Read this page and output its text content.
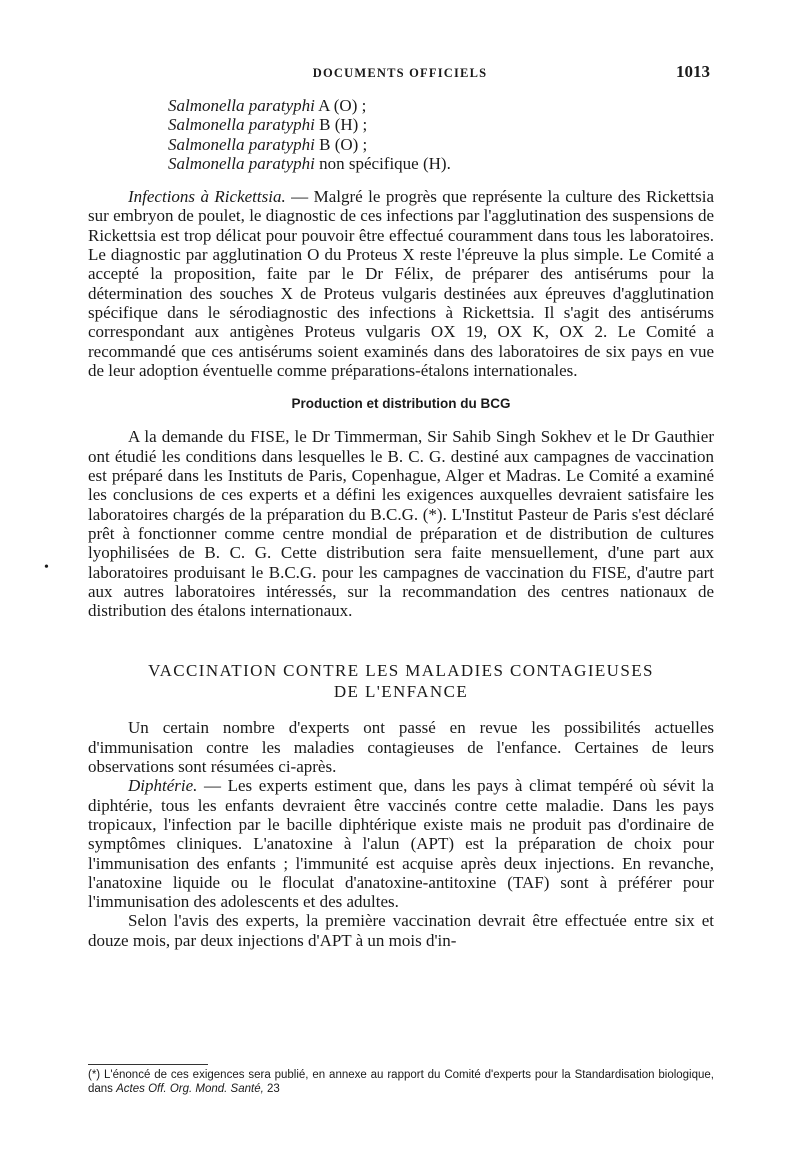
DOCUMENTS OFFICIELS	1013
•
Salmonella paratyphi A (O) ;
Salmonella paratyphi B (H) ;
Salmonella paratyphi B (O) ;
Salmonella paratyphi non spécifique (H).

Infections à Rickettsia. — Malgré le progrès que représente la culture des Rickettsia sur embryon de poulet, le diagnostic de ces infections par l'agglutination des suspensions de Rickettsia est trop délicat pour pouvoir être effectué couramment dans tous les laboratoires. Le diagnostic par agglutination O du Proteus X reste l'épreuve la plus simple. Le Comité a accepté la proposition, faite par le Dr Félix, de préparer des antisérums pour la détermination des souches X de Proteus vulgaris destinées aux épreuves d'agglutination spécifique dans le sérodiagnostic des infections à Rickettsia. Il s'agit des antisérums correspondant aux antigènes Proteus vulgaris OX 19, OX K, OX 2. Le Comité a recommandé que ces antisérums soient examinés dans des laboratoires de six pays en vue de leur adoption éventuelle comme préparations-étalons internationales.

Production et distribution du BCG

A la demande du FISE, le Dr Timmerman, Sir Sahib Singh Sokhev et le Dr Gauthier ont étudié les conditions dans lesquelles le B. C. G. destiné aux campagnes de vaccination est préparé dans les Instituts de Paris, Copenhague, Alger et Madras. Le Comité a examiné les conclusions de ces experts et a défini les exigences auxquelles devraient satisfaire les laboratoires chargés de la préparation du B.C.G. (*). L'Institut Pasteur de Paris s'est déclaré prêt à fonctionner comme centre mondial de préparation et de distribution de cultures lyophilisées de B. C. G. Cette distribution sera faite mensuellement, d'une part aux laboratoires produisant le B.C.G. pour les campagnes de vaccination du FISE, d'autre part aux autres laboratoires intéressés, sur la recommandation des centres nationaux de distribution des étalons internationaux.

VACCINATION CONTRE LES MALADIES CONTAGIEUSES
DE L'ENFANCE

Un certain nombre d'experts ont passé en revue les possibilités actuelles d'immunisation contre les maladies contagieuses de l'enfance. Certaines de leurs observations sont résumées ci-après.

Diphtérie. — Les experts estiment que, dans les pays à climat tempéré où sévit la diphtérie, tous les enfants devraient être vaccinés contre cette maladie. Dans les pays tropicaux, l'infection par le bacille diphtérique existe mais ne produit pas d'ordinaire de symptômes cliniques. L'anatoxine à l'alun (APT) est la préparation de choix pour l'immunisation des enfants ; l'immunité est acquise après deux injections. En revanche, l'anatoxine liquide ou le floculat d'anatoxine-antitoxine (TAF) sont à préférer pour l'immunisation des adolescents et des adultes.

Selon l'avis des experts, la première vaccination devrait être effectuée entre six et douze mois, par deux injections d'APT à un mois d'in-

(*) L'énoncé de ces exigences sera publié, en annexe au rapport du Comité d'experts pour la Standardisation biologique, dans Actes Off. Org. Mond. Santé, 23
